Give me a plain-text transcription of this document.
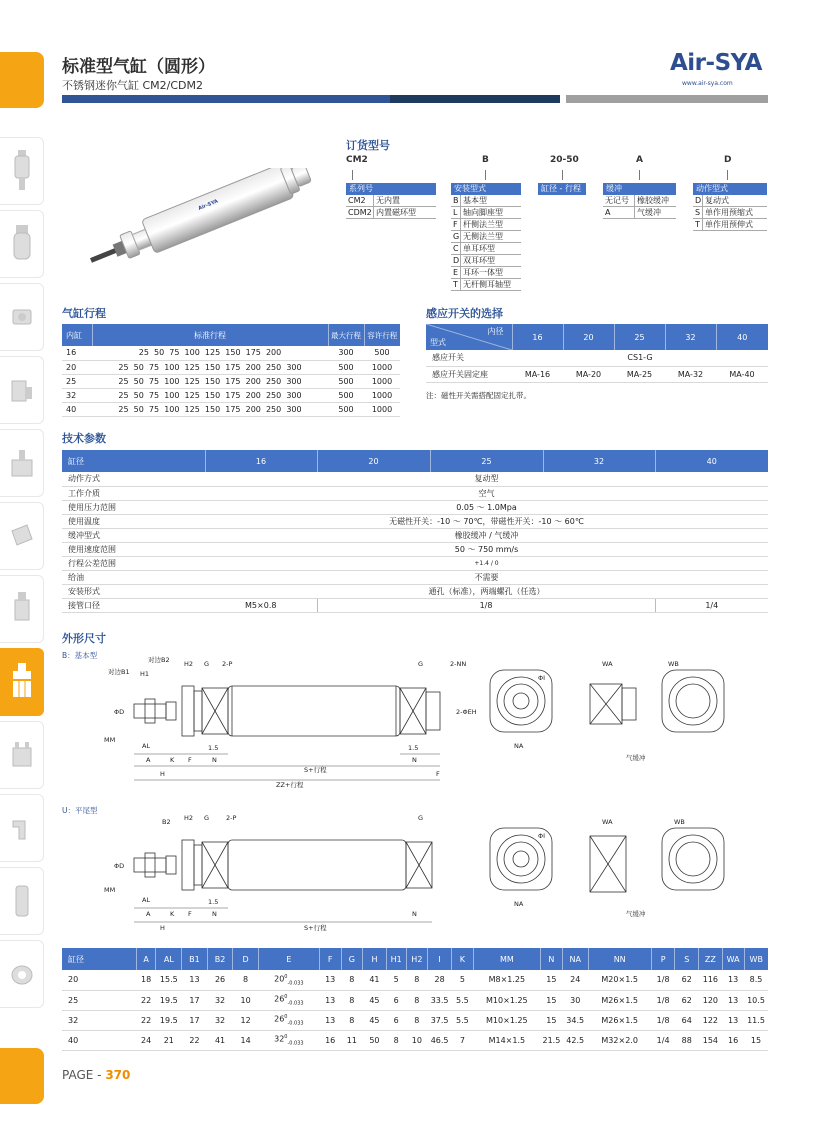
标准型气缸（圆形）
不锈钢迷你气缸 CM2/CDM2
Air-SYA
www.air-sya.com
Air-SYA
订货型号
CM2	B	20-50	A	D
系列号
CM2	无内置
CDM2 内置磁环型
安装型式
B 基本型
L 轴向脚座型
F 杆侧法兰型
G 无侧法兰型
C 单耳环型
D 双耳环型
E 耳环一体型
T 无杆侧耳轴型
缸径 - 行程	缓冲
无记号	橡胶缓冲
A	气缓冲
动作型式
D 复动式
S 单作用预缩式
T 单作用预伸式
气缸行程
内缸	标准行程	最大行程	容许行程
16	25  50  75  100  125  150  175  200	300	500
20	25  50  75  100  125  150  175  200  250  300	500	1000
25	25  50  75  100  125  150  175  200  250  300	500	1000
32	25  50  75  100  125  150  175  200  250  300	500	1000
40	25  50  75  100  125  150  175  200  250  300	500	1000
感应开关的选择
内径
型式	16	20	25	32	40
感应开关	CS1-G				
感应开关固定座	MA-16	MA-20	MA-25	MA-32	MA-40
注：磁性开关需搭配固定扎带。
技术参数
缸径	16	20	25	32	40
动作方式	复动型				
工作介质	空气				
使用压力范围	0.05 ～ 1.0Mpa				
使用温度	无磁性开关：-10 ～ 70℃，带磁性开关：-10 ～ 60℃				
缓冲型式	橡胶缓冲 / 气缓冲				
使用速度范围	50 ～ 750 mm/s				
行程公差范围	+1.4 / 0				
给油	不需要				
安装形式	通孔（标准），两端螺孔（任选）				
接管口径	M5×0.8	1/8			1/4
外形尺寸
B：基本型
U：平尾型
对边B1
对边B2
H1
H2 G 2-P	G	2-NN
ΦD	2-ΦEH
MM
AL
A	K F
1.5
N
1.5
N
F
H	S+行程
ZZ+行程
NA
ΦI
WA	WB
气缓冲
B2 H2 G	2-P	G
ΦD
MM
AL
A	K F
1.5
N	N
H	S+行程
NA
ΦI
WA	WB
气缓冲
缸径	A	AL	B1	B2	D	E	F	G	H	H1	H2	I	K	MM	N	NA	NN	P	S	ZZ	WA	WB
20	18	15.5	13	26	8	$20^0_{-0.033}$	13	8	41	5	8	28	5	M8×1.25	15	24	M20×1.5	1/8	62	116	13	8.5
25	22	19.5	17	32	10	$26^0_{-0.033}$	13	8	45	6	8	33.5	5.5	M10×1.25	15	30	M26×1.5	1/8	62	120	13	10.5
32	22	19.5	17	32	12	$26^0_{-0.033}$	13	8	45	6	8	37.5	5.5	M10×1.25	15	34.5	M26×1.5	1/8	64	122	13	11.5
40	24	21	22	41	14	$32^0_{-0.033}$	16	11	50	8	10	46.5	7	M14×1.5	21.5	42.5	M32×2.0	1/4	88	154	16	15
PAGE - 370
